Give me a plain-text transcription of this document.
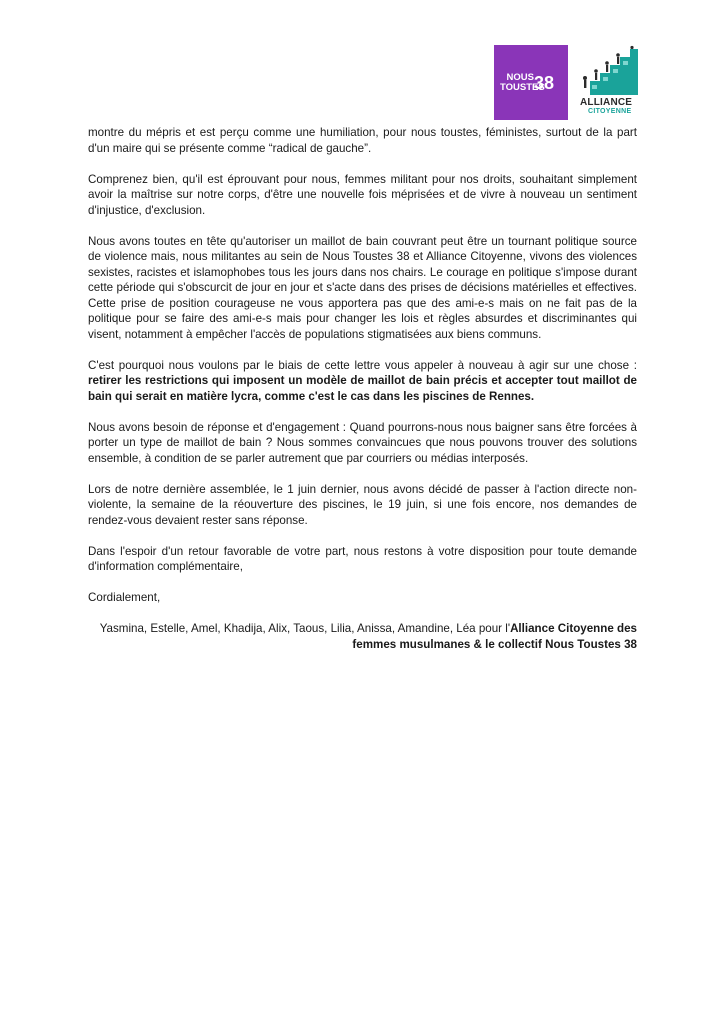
NOUS
TOUSTES
38
ALLIANCE
CITOYENNE

montre du mépris et est perçu comme une humiliation, pour nous toustes, féministes, surtout de la part d'un maire qui se présente comme “radical de gauche”.

Comprenez bien, qu'il est éprouvant pour nous, femmes militant pour nos droits, souhaitant simplement avoir la maîtrise sur notre corps, d'être une nouvelle fois méprisées et de vivre à nouveau un sentiment d'injustice, d'exclusion.

Nous avons toutes en tête qu'autoriser un maillot de bain couvrant peut être un tournant politique source de violence mais, nous militantes au sein de Nous Toustes 38 et Alliance Citoyenne, vivons des violences sexistes, racistes et islamophobes tous les jours dans nos chairs. Le courage en politique s'impose durant cette période qui s'obscurcit de jour en jour et s'acte dans des prises de décisions matérielles et effectives. Cette prise de position courageuse ne vous apportera pas que des ami-e-s mais on ne fait pas de la politique pour se faire des ami-e-s mais pour changer les lois et règles absurdes et discriminantes qui visent, notamment à empêcher l'accès de populations stigmatisées aux biens communs.

C'est pourquoi nous voulons par le biais de cette lettre vous appeler à nouveau à agir sur une chose : retirer les restrictions qui imposent un modèle de maillot de bain précis et accepter tout maillot de bain qui serait en matière lycra, comme c'est le cas dans les piscines de Rennes.

Nous avons besoin de réponse et d'engagement : Quand pourrons-nous nous baigner sans être forcées à porter un type de maillot de bain ? Nous sommes convaincues que nous pouvons trouver des solutions ensemble, à condition de se parler autrement que par courriers ou médias interposés.

Lors de notre dernière assemblée, le 1 juin dernier, nous avons décidé de passer à l'action directe non-violente, la semaine de la réouverture des piscines, le 19 juin, si une fois encore, nos demandes de rendez-vous devaient rester sans réponse.

Dans l'espoir d'un retour favorable de votre part, nous restons à votre disposition pour toute demande d'information complémentaire,

Cordialement,

Yasmina, Estelle, Amel, Khadija, Alix, Taous, Lilia, Anissa, Amandine, Léa pour l'Alliance Citoyenne des femmes musulmanes & le collectif Nous Toustes 38
